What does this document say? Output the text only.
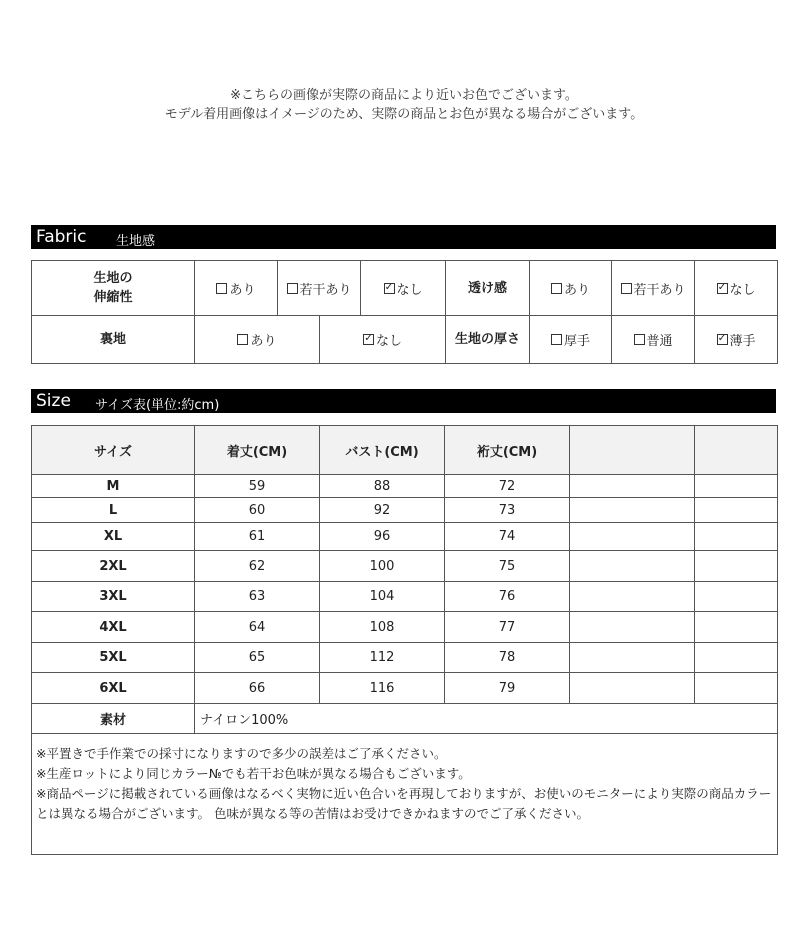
※こちらの画像が実際の商品により近いお色でございます。
モデル着用画像はイメージのため、実際の商品とお色が異なる場合がございます。
Fabric 生地感
生地の
伸縮性	あり	若干あり	✓なし	透け感	あり	若干あり	✓なし
裏地	あり	✓なし		生地の厚さ	厚手	普通	✓薄手
Size サイズ表(単位:約cm)
サイズ	着丈(CM)	バスト(CM)	裄丈(CM)		
M	59	88	72		
L	60	92	73		
XL	61	96	74		
2XL	62	100	75		
3XL	63	104	76		
4XL	64	108	77		
5XL	65	112	78		
6XL	66	116	79		
素材	ナイロン100%				

※平置きで手作業での採寸になりますので多少の誤差はご了承ください。
※生産ロットにより同じカラー№でも若干お色味が異なる場合もございます。
※商品ページに掲載されている画像はなるべく実物に近い色合いを再現しておりますが、お使いのモニターにより実際の商品カラーとは異なる場合がございます。 色味が異なる等の苦情はお受けできかねますのでご了承ください。					
